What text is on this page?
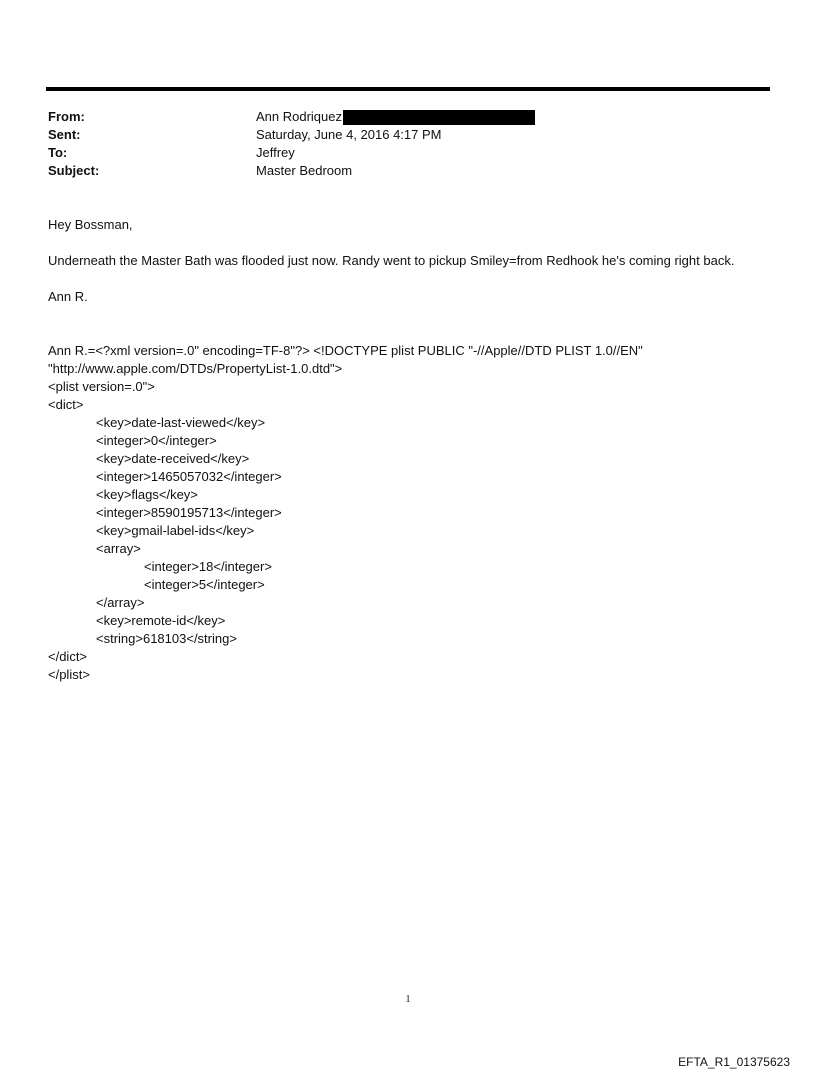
From:	Ann Rodriquez
Sent:	Saturday, June 4, 2016 4:17 PM
To:	Jeffrey
Subject:	Master Bedroom
Hey Bossman,
Underneath the Master Bath was flooded just now. Randy went to pickup Smiley=from Redhook he's coming right back.
Ann R.
Ann R.=<?xml version=.0" encoding=TF-8"?> <!DOCTYPE plist PUBLIC "-//Apple//DTD PLIST 1.0//EN"
"http://www.apple.com/DTDs/PropertyList-1.0.dtd">
<plist version=.0">
<dict>
<key>date-last-viewed</key>
<integer>0</integer>
<key>date-received</key>
<integer>1465057032</integer>
<key>flags</key>
<integer>8590195713</integer>
<key>gmail-label-ids</key>
<array>
<integer>18</integer>
<integer>5</integer>
</array>
<key>remote-id</key>
<string>618103</string>
</dict>
</plist>
1
EFTA_R1_01375623
